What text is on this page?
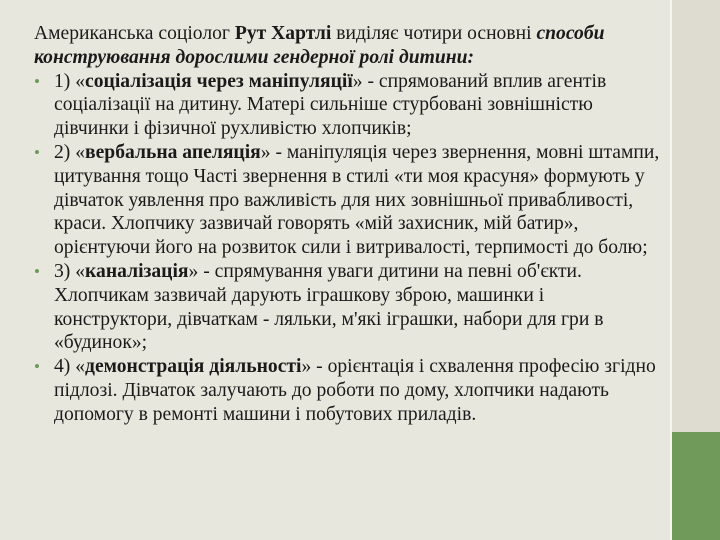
Американська соціолог Рут Хартлі виділяє чотири основні способи конструювання дорослими гендерної ролі дитини:

• 1) «соціалізація через маніпуляції» - спрямований вплив агентів соціалізації на дитину. Матері сильніше стурбовані зовнішністю дівчинки і фізичної рухливістю хлопчиків;
• 2) «вербальна апеляція» - маніпуляція через звернення, мовні штампи, цитування тощо Часті звернення в стилі «ти моя красуня» формують у дівчаток уявлення про важливість для них зовнішньої привабливості, краси. Хлопчику зазвичай говорять «мій захисник, мій батир», орієнтуючи його на розвиток сили і витривалості, терпимості до болю;
• 3) «каналізація» - спрямування уваги дитини на певні об'єкти. Хлопчикам зазвичай дарують іграшкову зброю, машинки і конструктори, дівчаткам - ляльки, м'які іграшки, набори для гри в «будинок»;
• 4) «демонстрація діяльності» - орієнтація і схвалення професію згідно підлозі. Дівчаток залучають до роботи по дому, хлопчики надають допомогу в ремонті машини і побутових приладів.
